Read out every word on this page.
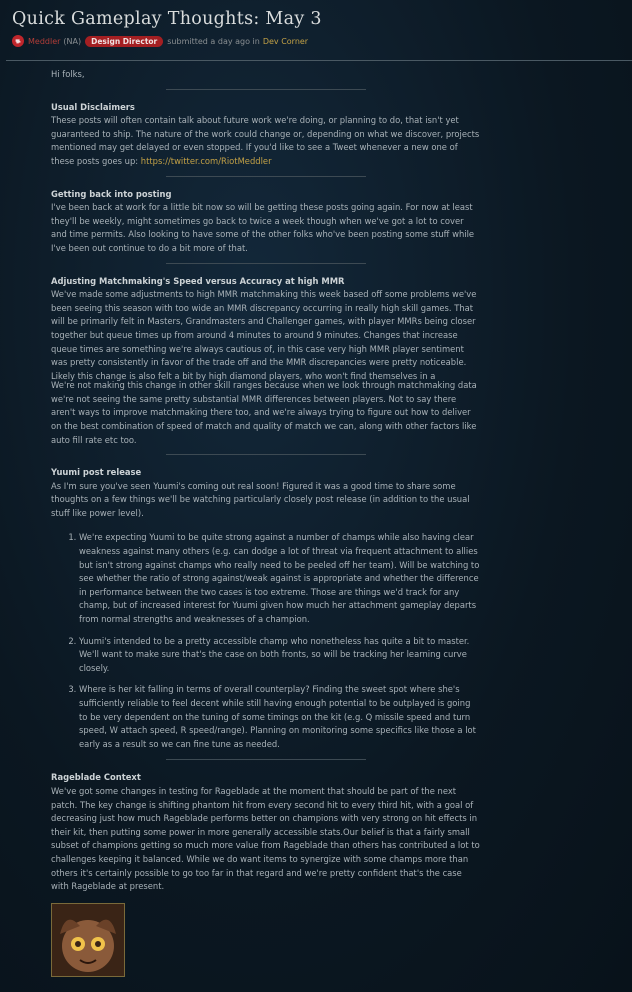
Quick Gameplay Thoughts: May 3
Meddler (NA)	Design Director	submitted a day ago in Dev Corner

Hi folks,

Usual Disclaimers

These posts will often contain talk about future work we're doing, or planning to do, that isn't yet guaranteed to ship. The nature of the work could change or, depending on what we discover, projects mentioned may get delayed or even stopped. If you'd like to see a Tweet whenever a new one of these posts goes up: https://twitter.com/RiotMeddler

Getting back into posting

I've been back at work for a little bit now so will be getting these posts going again. For now at least they'll be weekly, might sometimes go back to twice a week though when we've got a lot to cover and time permits. Also looking to have some of the other folks who've been posting some stuff while I've been out continue to do a bit more of that.

Adjusting Matchmaking's Speed versus Accuracy at high MMR

We've made some adjustments to high MMR matchmaking this week based off some problems we've been seeing this season with too wide an MMR discrepancy occurring in really high skill games. That will be primarily felt in Masters, Grandmasters and Challenger games, with player MMRs being closer together but queue times up from around 4 minutes to around 9 minutes. Changes that increase queue times are something we're always cautious of, in this case very high MMR player sentiment was pretty consistently in favor of the trade off and the MMR discrepancies were pretty noticeable. Likely this change is also felt a bit by high diamond players, who won't find themselves in a

We're not making this change in other skill ranges because when we look through matchmaking data we're not seeing the same pretty substantial MMR differences between players. Not to say there aren't ways to improve matchmaking there too, and we're always trying to figure out how to deliver on the best combination of speed of match and quality of match we can, along with other factors like auto fill rate etc too.

Yuumi post release

As I'm sure you've seen Yuumi's coming out real soon! Figured it was a good time to share some thoughts on a few things we'll be watching particularly closely post release (in addition to the usual stuff like power level).

1. We're expecting Yuumi to be quite strong against a number of champs while also having clear weakness against many others (e.g. can dodge a lot of threat via frequent attachment to allies but isn't strong against champs who really need to be peeled off her team). Will be watching to see whether the ratio of strong against/weak against is appropriate and whether the difference in performance between the two cases is too extreme. Those are things we'd track for any champ, but of increased interest for Yuumi given how much her attachment gameplay departs from normal strengths and weaknesses of a champion.
2. Yuumi's intended to be a pretty accessible champ who nonetheless has quite a bit to master. We'll want to make sure that's the case on both fronts, so will be tracking her learning curve closely.
3. Where is her kit falling in terms of overall counterplay? Finding the sweet spot where she's sufficiently reliable to feel decent while still having enough potential to be outplayed is going to be very dependent on the tuning of some timings on the kit (e.g. Q missile speed and turn speed, W attach speed, R speed/range). Planning on monitoring some specifics like those a lot early as a result so we can fine tune as needed.

Rageblade Context

We've got some changes in testing for Rageblade at the moment that should be part of the next patch. The key change is shifting phantom hit from every second hit to every third hit, with a goal of decreasing just how much Rageblade performs better on champions with very strong on hit effects in their kit, then putting some power in more generally accessible stats.Our belief is that a fairly small subset of champions getting so much more value from Rageblade than others has contributed a lot to challenges keeping it balanced. While we do want items to synergize with some champs more than others it's certainly possible to go too far in that regard and we're pretty confident that's the case with Rageblade at present.
